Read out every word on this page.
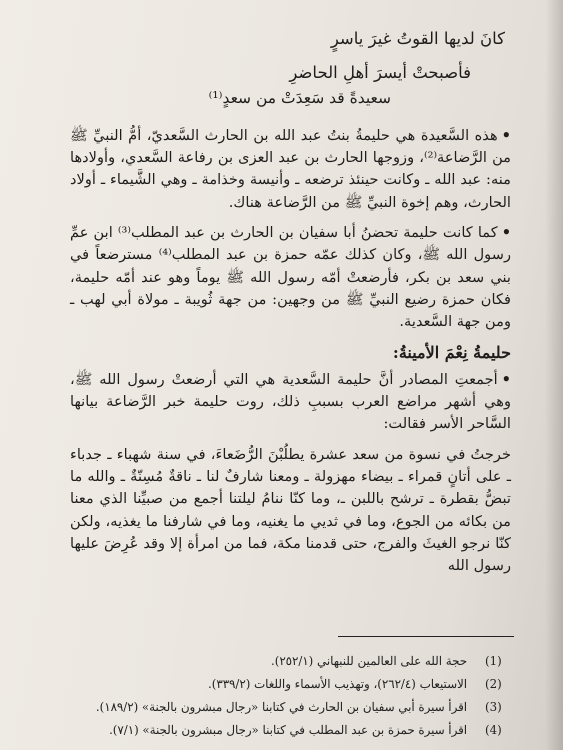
كانَ لديها القوتُ غيرَ ياسرٍ

فأصبحتْ أيسرَ أهلِ الحاضرِ

سعيدةً قد سَعِدَتْ من سعدٍ⁽¹⁾

•هذه السَّعيدة هي حليمةُ بنتُ عبد الله بن الحارث السَّعديّ، أمُّ النبيِّ ﷺ من الرَّضاعة⁽²⁾، وزوجها الحارث بن عبد العزى بن رفاعة السَّعدي، وأولادها منه: عبد الله ـ وكانت حينئذ ترضعه ـ وأنيسة وخذامة ـ وهي الشَّيماء ـ أولاد الحارث، وهم إخوة النبيِّ ﷺ من الرَّضاعة هناك.

•كما كانت حليمة تحضنُ أبا سفيان بن الحارث بن عبد المطلب⁽³⁾ ابن عمِّ رسول الله ﷺ، وكان كذلك عمّه حمزة بن عبد المطلب⁽⁴⁾ مسترضعاً في بني سعد بن بكر، فأرضعتْ أمّه رسول الله ﷺ يوماً وهو عند أمّه حليمة، فكان حمزة رضيع النبيِّ ﷺ من وجهين: من جهة ثُويبة ـ مولاة أبي لهب ـ ومن جهة السَّعدية.

حليمةُ نِعْمَ الأمينةُ:

•أجمعتِ المصادر أنَّ حليمة السَّعدية هي التي أرضعتْ رسول الله ﷺ، وهي أشهر مراضع العرب بسببِ ذلك، روت حليمة خبر الرَّضاعة بيانها السَّاحر الأسر فقالت:

خرجتُ في نسوة من سعد عشرة يطلُبْنَ الرُّضَعاءَ، في سنة شهباء ـ جدباء ـ على أتانٍ قمراء ـ بيضاء مهزولة ـ ومعنا شارفٌ لنا ـ ناقةٌ مُسِنّةٌ ـ والله ما تبضُّ بقطرة ـ ترشح باللبن ـ، وما كنّا ننامُ ليلتنا أجمع من صبيِّنا الذي معنا من بكائه من الجوع، وما في ثديي ما يغنيه، وما في شارفنا ما يغذيه، ولكن كنّا نرجو الغيثَ والفرج، حتى قدمنا مكة، فما من امرأة إلا وقد عُرِضَ عليها رسول الله

(1)
حجة الله على العالمين للنبهاني (٢٥٢/١).
(2)
الاستيعاب (٢٦٢/٤)، وتهذيب الأسماء واللغات (٣٣٩/٢).
(3)
اقرأ سيرة أبي سفيان بن الحارث في كتابنا «رجال مبشرون بالجنة» (١٨٩/٢).
(4)
اقرأ سيرة حمزة بن عبد المطلب في كتابنا «رجال مبشرون بالجنة» (٧/١).
